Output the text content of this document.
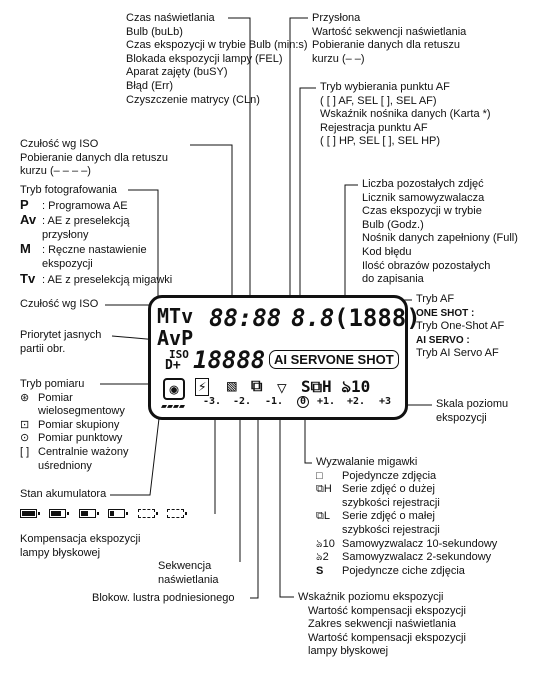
Czas naświetlania
Bulb (buLb)
Czas ekspozycji w trybie Bulb (min:s)
Blokada ekspozycji lampy (FEL)
Aparat zajęty (buSY)
Błąd (Err)
Czyszczenie matrycy (CLn)
Czułość wg ISO
Pobieranie danych dla retuszu
kurzu (– – – –)
Tryb fotografowania
P : Programowa AE
Av : AE z preselekcją
przysłony
M : Ręczne nastawienie
ekspozycji
Tv : AE z preselekcją migawki
Czułość wg ISO
Priorytet jasnych
partii obr.
Tryb pomiaru
⊛ Pomiar
wielosegmentowy
⊡ Pomiar skupiony
⊙ Pomiar punktowy
[ ] Centralnie ważony
uśredniony
Stan akumulatora

Kompensacja ekspozycji
lampy błyskowej
Sekwencja
naświetlania
Blokow. lustra podniesionego
Przysłona
Wartość sekwencji naświetlania
Pobieranie danych dla retuszu
kurzu (– –)
Tryb wybierania punktu AF
( [ ] AF, SEL [ ], SEL AF)
Wskaźnik nośnika danych (Karta *)
Rejestracja punktu AF
( [ ] HP, SEL [ ], SEL HP)
Liczba pozostałych zdjęć
Licznik samowyzwalacza
Czas ekspozycji w trybie
Bulb (Godz.)
Nośnik danych zapełniony (Full)
Kod błędu
Ilość obrazów pozostałych
do zapisania
Tryb AF
ONE SHOT :
Tryb One-Shot AF
AI SERVO :
Tryb AI Servo AF
Skala poziomu
ekspozycji
Wyzwalanie migawki
□ Pojedyncze zdjęcia
⧉H Serie zdjęć o dużej
szybkości rejestracji
⧉L Serie zdjęć o małej
szybkości rejestracji
ঌ10 Samowyzwalacz 10-sekundowy
ঌ2 Samowyzwalacz 2-sekundowy
S Pojedyncze ciche zdjęcia
Wskaźnik poziomu ekspozycji
Wartość kompensacji ekspozycji
Zakres sekwencji naświetlania
Wartość kompensacji ekspozycji
lampy błyskowej
MTv
AvP
88:88 8.8 (1888)
ISO
D+ 18888 AI SERVONE SHOT
◉	⚡ ▧ ⧉ ▽ S⧉H ঌ10
▰▰▰▰ -3. -2. -1.	0	+1. +2. +3
